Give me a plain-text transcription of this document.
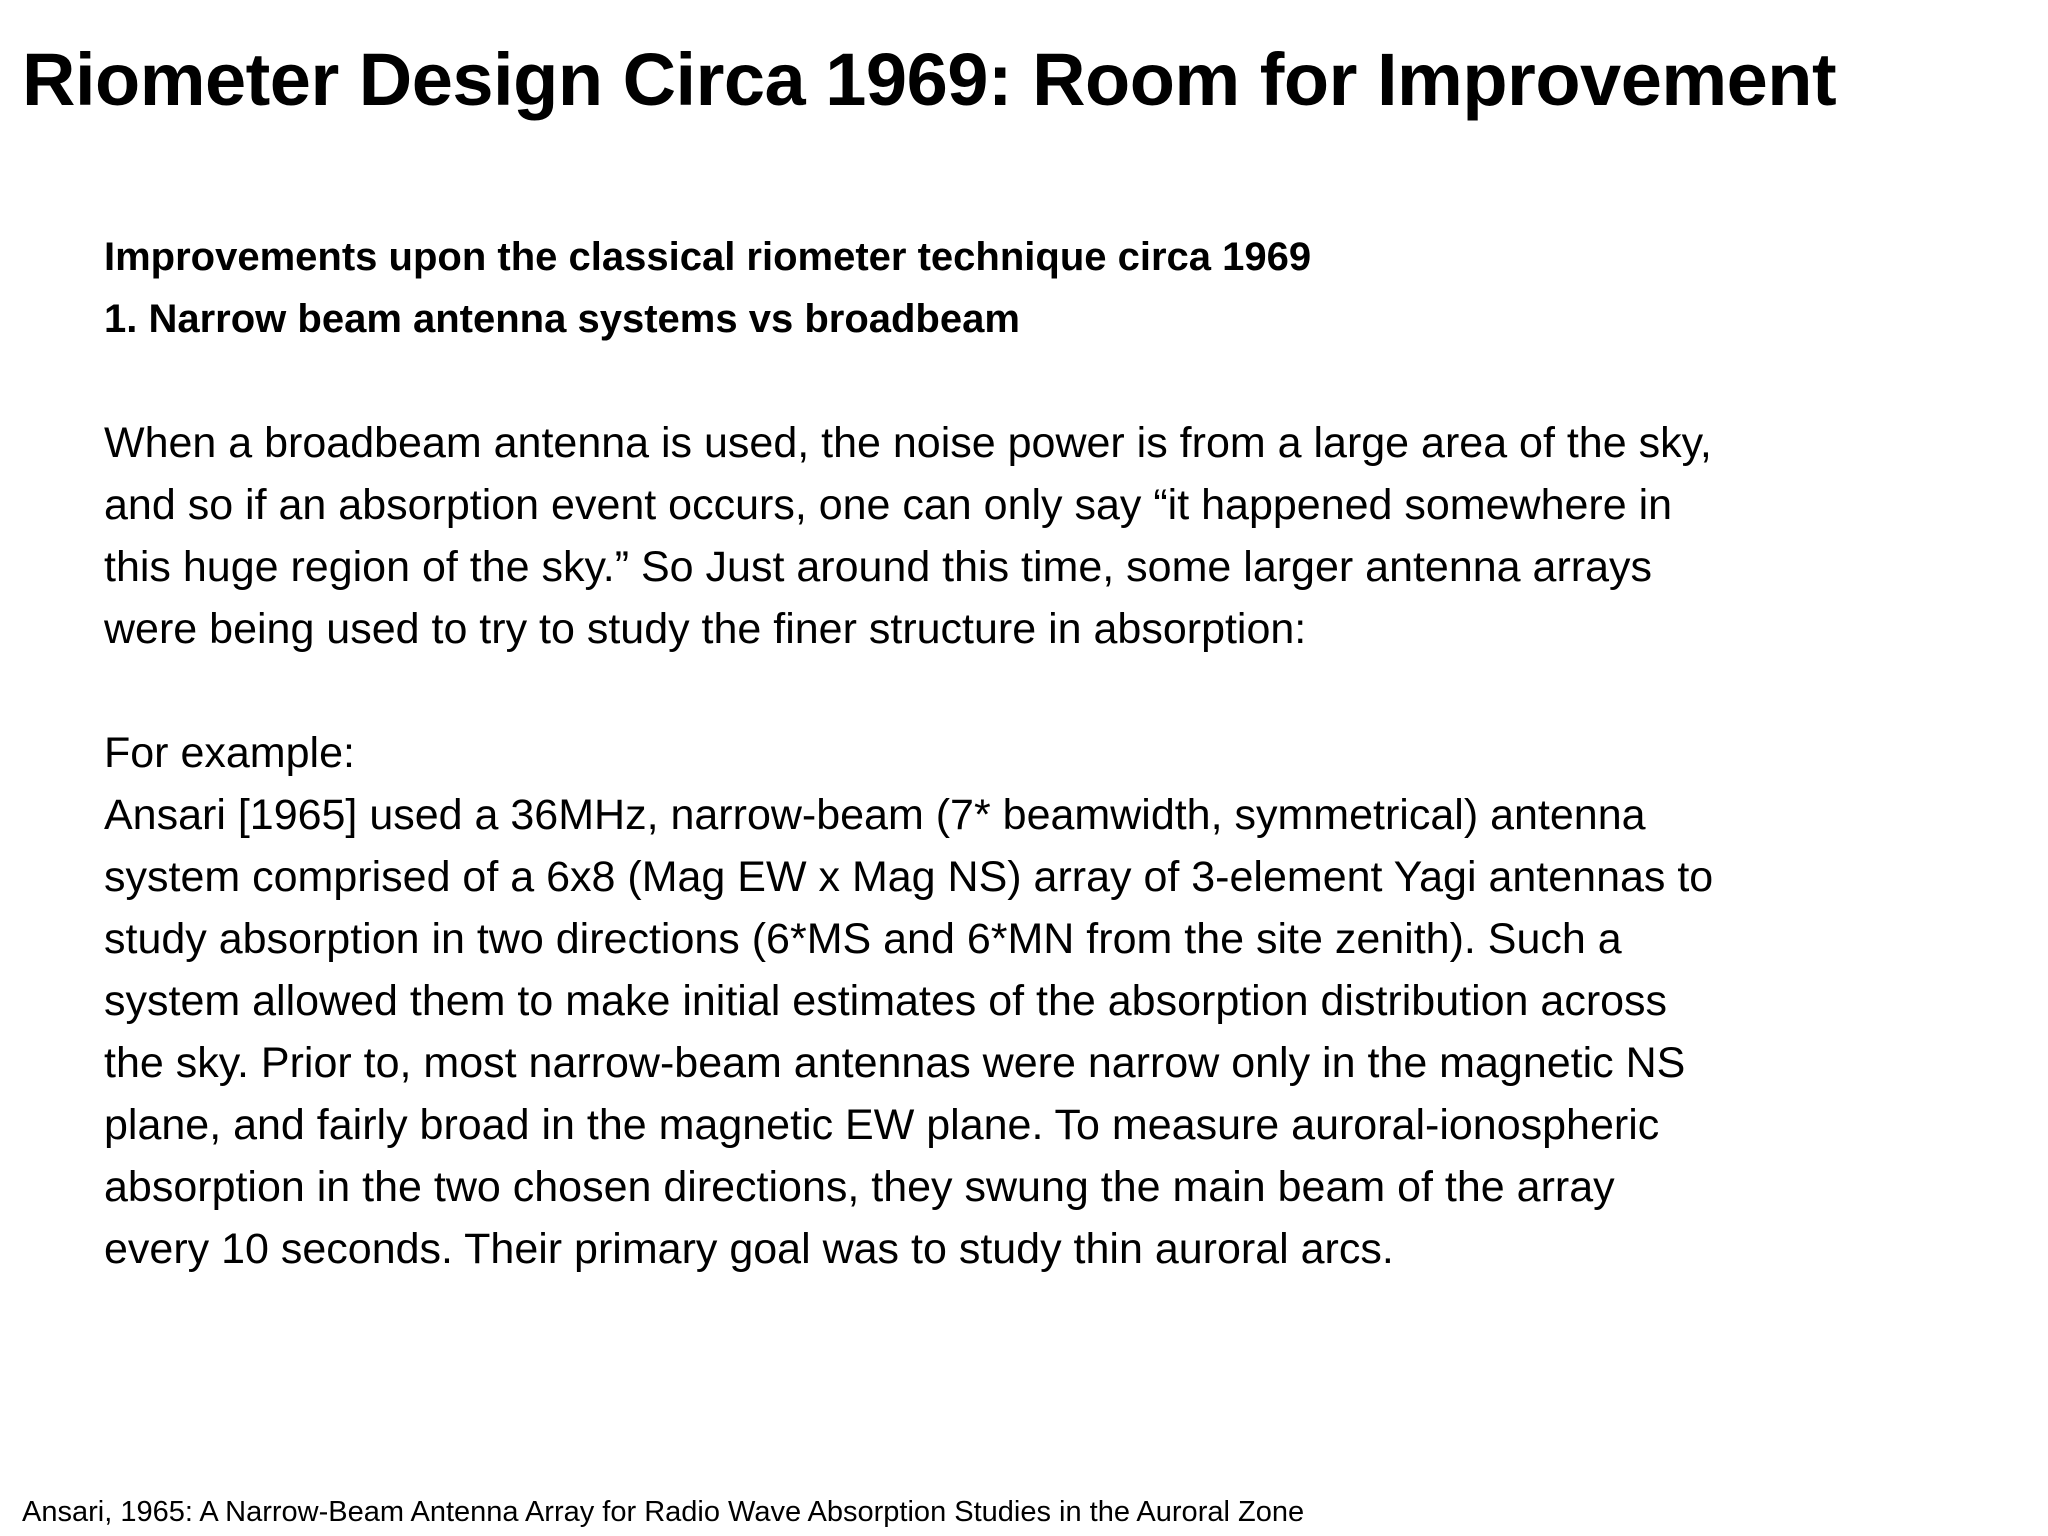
Riometer Design Circa 1969: Room for Improvement

Improvements upon the classical riometer technique circa 1969

1. Narrow beam antenna systems vs broadbeam

When a broadbeam antenna is used, the noise power is from a large area of the sky,

and so if an absorption event occurs, one can only say “it happened somewhere in

this huge region of the sky.” So Just around this time, some larger antenna arrays

were being used to try to study the finer structure in absorption:

For example:

Ansari [1965] used a 36MHz, narrow-beam (7* beamwidth, symmetrical) antenna

system comprised of a 6x8 (Mag EW x Mag NS) array of 3-element Yagi antennas to

study absorption in two directions (6*MS and 6*MN from the site zenith). Such a

system allowed them to make initial estimates of the absorption distribution across

the sky. Prior to, most narrow-beam antennas were narrow only in the magnetic NS

plane, and fairly broad in the magnetic EW plane. To measure auroral-ionospheric

absorption in the two chosen directions, they swung the main beam of the array

every 10 seconds. Their primary goal was to study thin auroral arcs.

Ansari, 1965: A Narrow-Beam Antenna Array for Radio Wave Absorption Studies in the Auroral Zone
